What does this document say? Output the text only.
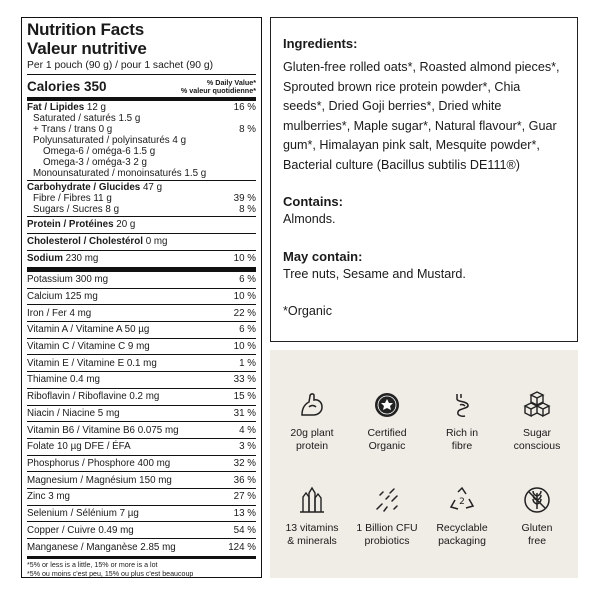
Nutrition Facts
Valeur nutritive
Per 1 pouch (90 g) / pour 1 sachet (90 g)
Calories 350	% Daily Value*
% valeur quotidienne*
Fat / Lipides 12 g	16 %
Saturated / saturés 1.5 g
+ Trans / trans 0 g	8 %
Polyunsaturated / polyinsaturés 4 g
Omega-6 / oméga-6 1.5 g
Omega-3 / oméga-3 2 g
Monounsaturated / monoinsaturés 1.5 g
Carbohydrate / Glucides 47 g
Fibre / Fibres 11 g	39 %
Sugars / Sucres 8 g	8 %
Protein / Protéines 20 g
Cholesterol / Cholestérol 0 mg
Sodium 230 mg	10 %
Potassium 300 mg	6 %
Calcium 125 mg	10 %
Iron / Fer 4 mg	22 %
Vitamin A / Vitamine A 50 µg	6 %
Vitamin C / Vitamine C 9 mg	10 %
Vitamin E / Vitamine E 0.1 mg	1 %
Thiamine 0.4 mg	33 %
Riboflavin / Riboflavine 0.2 mg	15 %
Niacin / Niacine 5 mg	31 %
Vitamin B6 / Vitamine B6 0.075 mg	4 %
Folate 10 µg DFE / ÉFA	3 %
Phosphorus / Phosphore 400 mg	32 %
Magnesium / Magnésium 150 mg	36 %
Zinc 3 mg	27 %
Selenium / Sélénium 7 µg	13 %
Copper / Cuivre 0.49 mg	54 %
Manganese / Manganèse 2.85 mg	124 %
*5% or less is a little, 15% or more is a lot
*5% ou moins c'est peu, 15% ou plus c'est beaucoup
Ingredients:

Gluten-free rolled oats*, Roasted almond pieces*, Sprouted brown rice protein powder*, Chia seeds*, Dried Goji berries*, Dried white mulberries*, Maple sugar*, Natural flavour*, Guar gum*, Himalayan pink salt, Mesquite powder*, Bacterial culture (Bacillus subtilis DE111®)

Contains:

Almonds.

May contain:

Tree nuts, Sesame and Mustard.

*Organic

20g plant
protein
Certified
Organic
Rich in
fibre
Sugar
conscious
13 vitamins
& minerals
1 Billion CFU
probiotics
2
Recyclable
packaging
Gluten
free
